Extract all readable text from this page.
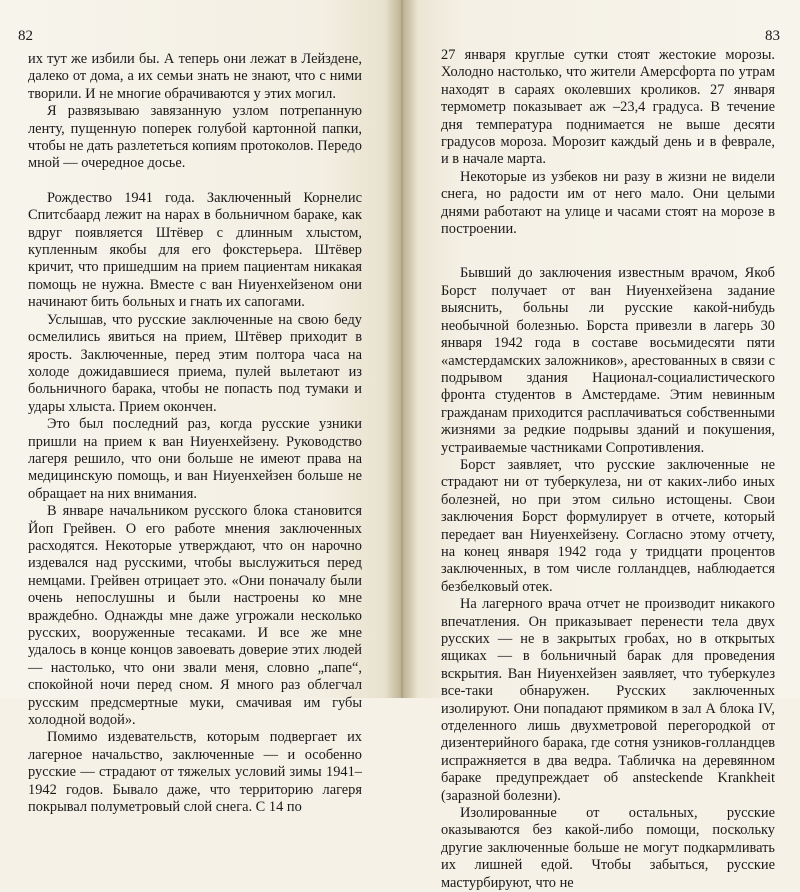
82

их тут же избили бы. А теперь они лежат в Лейздене, далеко от дома, а их семьи знать не знают, что с ними творили. И не многие обрачиваются у этих могил.

Я развязываю завязанную узлом потрепанную ленту, пущенную поперек голубой картонной папки, чтобы не дать разлететься копиям протоколов. Передо мной — очередное досье.

Рождество 1941 года. Заключенный Корнелис Спитсбаард лежит на нарах в больничном бараке, как вдруг появляется Штёвер с длинным хлыстом, купленным якобы для его фокстерьера. Штёвер кричит, что пришедшим на прием пациентам никакая помощь не нужна. Вместе с ван Ниуенхейзеном они начинают бить больных и гнать их сапогами.

Услышав, что русские заключенные на свою беду осмелились явиться на прием, Штёвер приходит в ярость. Заключенные, перед этим полтора часа на холоде дожидавшиеся приема, пулей вылетают из больничного барака, чтобы не попасть под тумаки и удары хлыста. Прием окончен.

Это был последний раз, когда русские узники пришли на прием к ван Ниуенхейзену. Руководство лагеря решило, что они больше не имеют права на медицинскую помощь, и ван Ниуенхейзен больше не обращает на них внимания.

В январе начальником русского блока становится Йоп Грейвен. О его работе мнения заключенных расходятся. Некоторые утверждают, что он нарочно издевался над русскими, чтобы выслужиться перед немцами. Грейвен отрицает это. «Они поначалу были очень непослушны и были настроены ко мне враждебно. Однажды мне даже угрожали несколько русских, вооруженные тесаками. И все же мне удалось в конце концов завоевать доверие этих людей — настолько, что они звали меня, словно „папе“, спокойной ночи перед сном. Я много раз облегчал русским предсмертные муки, смачивая им губы холодной водой».

Помимо издевательств, которым подвергает их лагерное начальство, заключенные — и особенно русские — страдают от тяжелых условий зимы 1941–1942 годов. Бывало даже, что территорию лагеря покрывал полуметровый слой снега. С 14 по

83

27 января круглые сутки стоят жестокие морозы. Холодно настолько, что жители Амерсфорта по утрам находят в сараях околевших кроликов. 27 января термометр показывает аж –23,4 градуса. В течение дня температура поднимается не выше десяти градусов мороза. Морозит каждый день и в феврале, и в начале марта.

Некоторые из узбеков ни разу в жизни не видели снега, но радости им от него мало. Они целыми днями работают на улице и часами стоят на морозе в построении.

Бывший до заключения известным врачом, Якоб Борст получает от ван Ниуенхейзена задание выяснить, больны ли русские какой-нибудь необычной болезнью. Борста привезли в лагерь 30 января 1942 года в составе восьмидесяти пяти «амстердамских заложников», арестованных в связи с подрывом здания Национал-социалистического фронта студентов в Амстердаме. Этим невинным гражданам приходится расплачиваться собственными жизнями за редкие подрывы зданий и покушения, устраиваемые частниками Сопротивления.

Борст заявляет, что русские заключенные не страдают ни от туберкулеза, ни от каких-либо иных болезней, но при этом сильно истощены. Свои заключения Борст формулирует в отчете, который передает ван Ниуенхейзену. Согласно этому отчету, на конец января 1942 года у тридцати процентов заключенных, в том числе голландцев, наблюдается безбелковый отек.

На лагерного врача отчет не производит никакого впечатления. Он приказывает перенести тела двух русских — не в закрытых гробах, но в открытых ящиках — в больничный барак для проведения вскрытия. Ван Ниуенхейзен заявляет, что туберкулез все-таки обнаружен. Русских заключенных изолируют. Они попадают прямиком в зал А блока IV, отделенного лишь двухметровой перегородкой от дизентерийного барака, где сотня узников-голландцев испражняется в два ведра. Табличка на деревянном бараке предупреждает об ansteckende Krankheit (заразной болезни).

Изолированные от остальных, русские оказываются без какой-либо помощи, поскольку другие заключенные больше не могут подкармливать их лишней едой. Чтобы забыться, русские мастурбируют, что не
